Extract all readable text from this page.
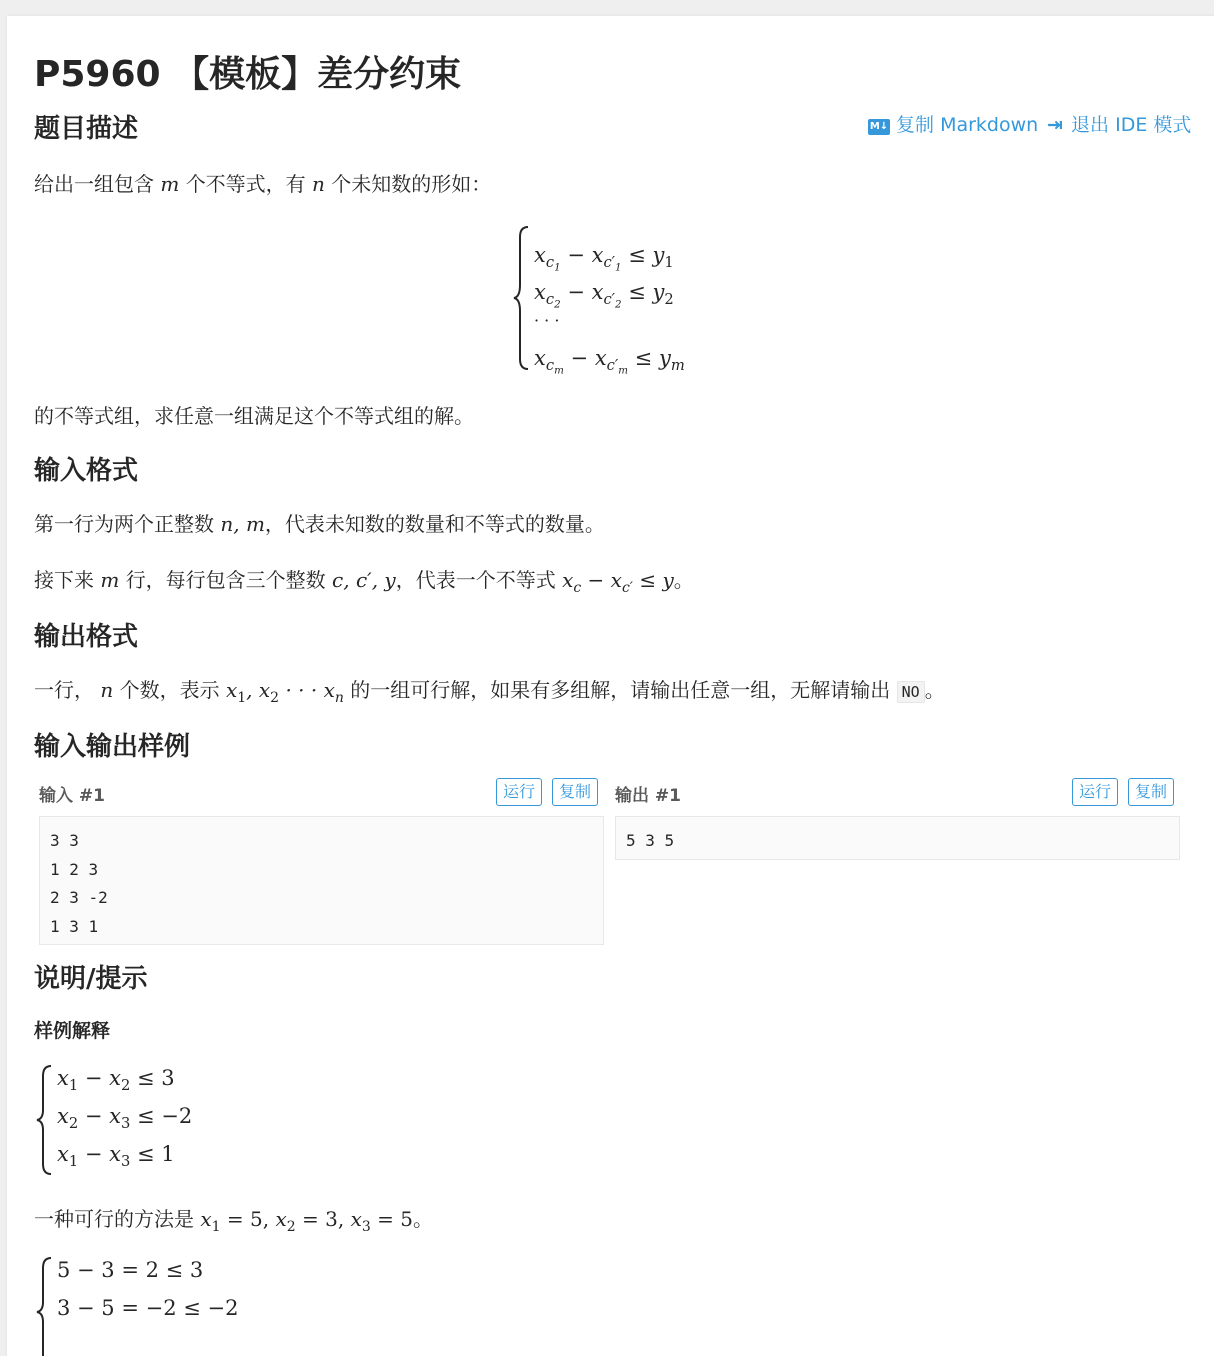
P5960 【模板】差分约束
M↓ 复制 Markdown ⇥ 退出 IDE 模式
题目描述
给出一组包含 m 个不等式，有 n 个未知数的形如：
$x_{c_1} - x_{c'_1} \le y_1$
$x_{c_2} - x_{c'_2} \le y_2$
· · ·
$x_{c_m} - x_{c'_m} \le y_m$
的不等式组，求任意一组满足这个不等式组的解。
输入格式
第一行为两个正整数 n, m，代表未知数的数量和不等式的数量。
接下来 m 行，每行包含三个整数 c, c′, y，代表一个不等式 $x_c - x_{c'} \le y$。
输出格式
一行， n 个数，表示 $x_1$, $x_2$ · · · $x_n$ 的一组可行解，如果有多组解，请输出任意一组，无解请输出 NO 。
输入输出样例
输入 #1	运行	复制
3 3
1 2 3
2 3 -2
1 3 1
输出 #1	运行	复制
5 3 5
说明/提示
样例解释
$x_1 - x_2 \le 3$
$x_2 - x_3 \le -2$
$x_1 - x_3 \le 1$
一种可行的方法是 $x_1 = 5$, $x_2 = 3$, $x_3 = 5$。
5 − 3 = 2 ≤ 3
3 − 5 = −2 ≤ −2
